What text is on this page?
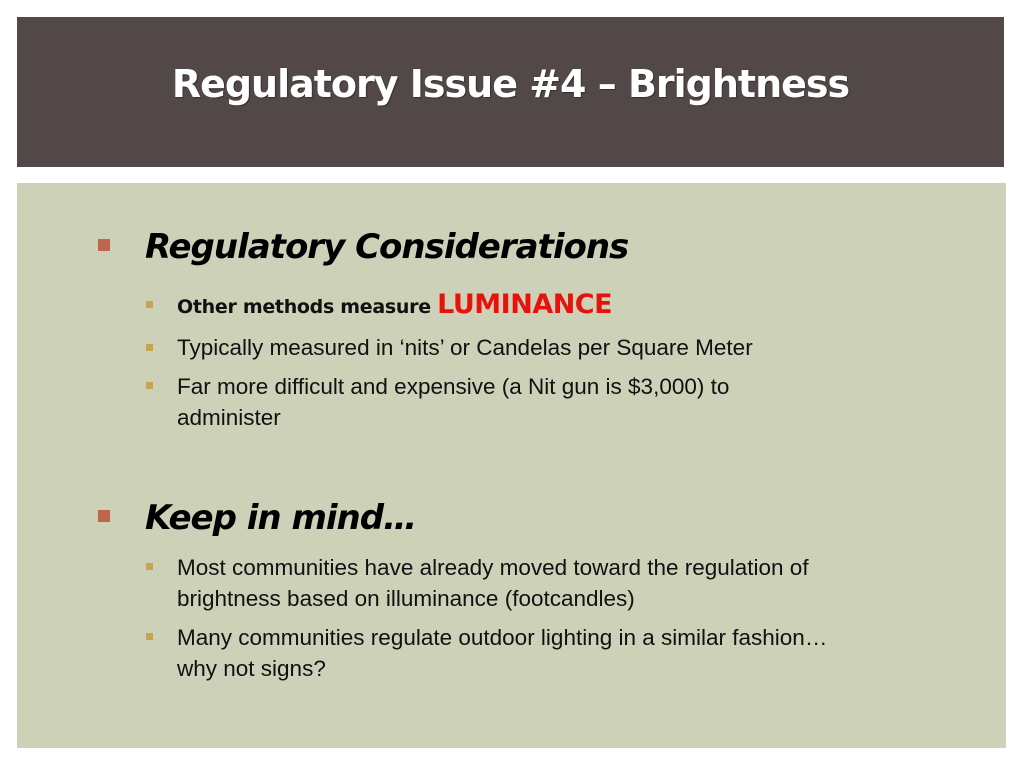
Regulatory Issue #4 – Brightness
Regulatory Considerations
Other methods measure LUMINANCE
Typically measured in ‘nits’ or Candelas per Square Meter
Far more difficult and expensive (a Nit gun is $3,000) to administer
Keep in mind…
Most communities have already moved toward the regulation of brightness based on illuminance (footcandles)
Many communities regulate outdoor lighting in a similar fashion…why not signs?
